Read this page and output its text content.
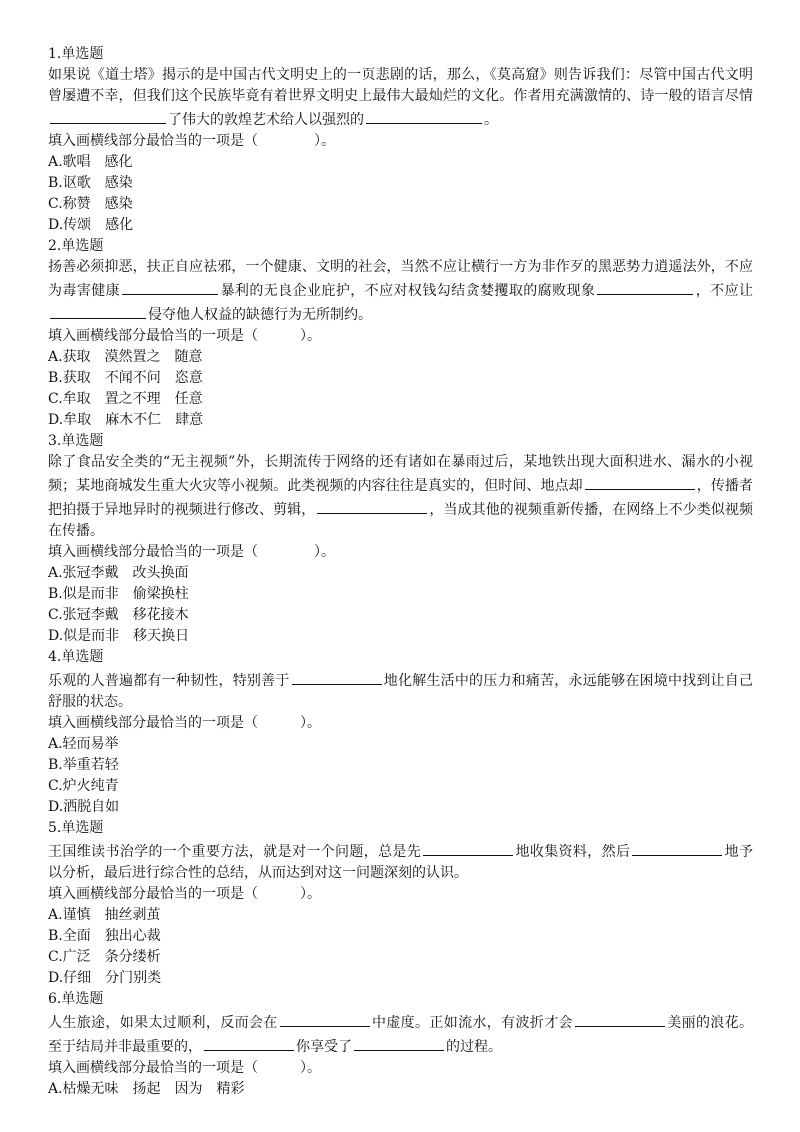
1.单选题
如果说《道士塔》揭示的是中国古代文明史上的一页悲剧的话，那么，《莫高窟》则告诉我们：尽管中国古代文明曾屡遭不幸，但我们这个民族毕竟有着世界文明史上最伟大最灿烂的文化。作者用充满激情的、诗一般的语言尽情了伟大的敦煌艺术给人以强烈的	。
填入画横线部分最恰当的一项是（　　　　）。
A.歌唱　感化
B.讴歌　感染
C.称赞　感染
D.传颂　感化
2.单选题
扬善必须抑恶，扶正自应祛邪，一个健康、文明的社会，当然不应让横行一方为非作歹的黑恶势力逍遥法外，不应为毒害健康	暴利的无良企业庇护，不应对权钱勾结贪婪攫取的腐败现象	，不应让侵夺他人权益的缺德行为无所制约。
填入画横线部分最恰当的一项是（　　　）。
A.获取　漠然置之　随意
B.获取　不闻不问　恣意
C.牟取　置之不理　任意
D.牟取　麻木不仁　肆意
3.单选题
除了食品安全类的“无主视频”外，长期流传于网络的还有诸如在暴雨过后，某地铁出现大面积进水、漏水的小视频；某地商城发生重大火灾等小视频。此类视频的内容往往是真实的，但时间、地点却	，传播者把拍摄于异地异时的视频进行修改、剪辑，	，当成其他的视频重新传播，在网络上不少类似视频在传播。
填入画横线部分最恰当的一项是（　　　　）。
A.张冠李戴　改头换面
B.似是而非　偷梁换柱
C.张冠李戴　移花接木
D.似是而非　移天换日
4.单选题
乐观的人普遍都有一种韧性，特别善于	地化解生活中的压力和痛苦，永远能够在困境中找到让自己舒服的状态。
填入画横线部分最恰当的一项是（　　　）。
A.轻而易举
B.举重若轻
C.炉火纯青
D.洒脱自如
5.单选题
王国维读书治学的一个重要方法，就是对一个问题，总是先	地收集资料，然后	地予以分析，最后进行综合性的总结，从而达到对这一问题深刻的认识。
填入画横线部分最恰当的一项是（　　　）。
A.谨慎　抽丝剥茧
B.全面　独出心裁
C.广泛　条分缕析
D.仔细　分门别类
6.单选题
人生旅途，如果太过顺利，反而会在	中虚度。正如流水，有波折才会	美丽的浪花。至于结局并非最重要的，	你享受了	的过程。
填入画横线部分最恰当的一项是（　　　）。
A.枯燥无味　扬起　因为　精彩
